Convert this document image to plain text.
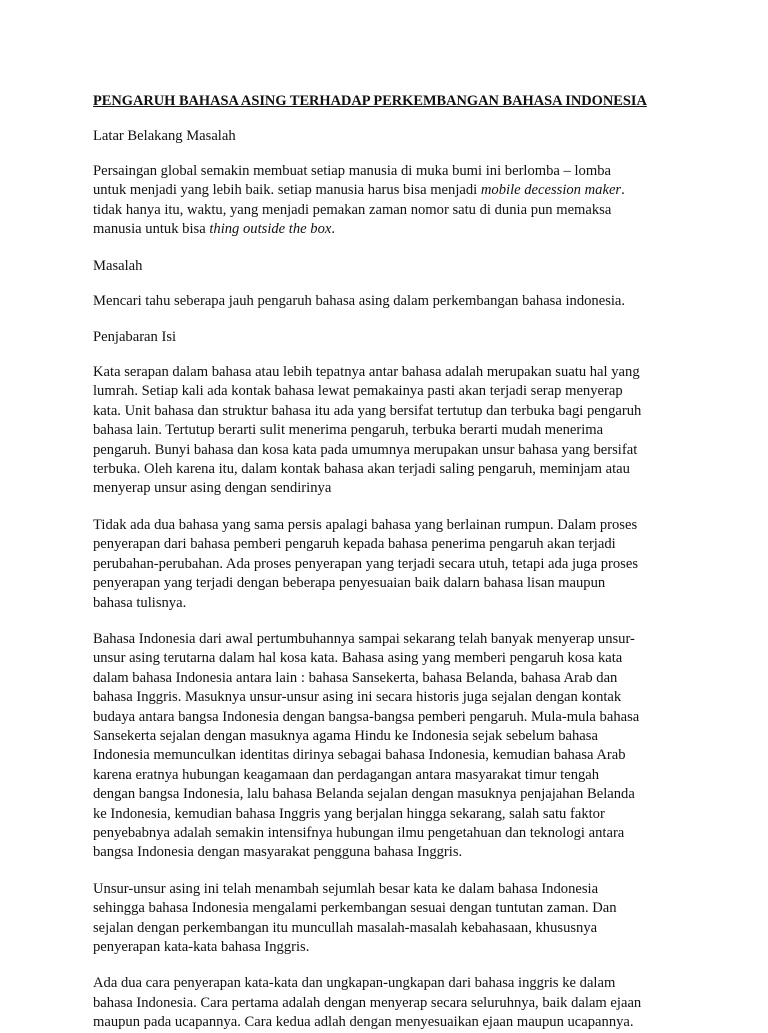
PENGARUH BAHASA ASING TERHADAP PERKEMBANGAN BAHASA INDONESIA
Latar Belakang Masalah
Persaingan global semakin membuat setiap manusia di muka bumi ini berlomba – lomba
untuk menjadi yang lebih baik. setiap manusia harus bisa menjadi mobile decession maker.
tidak hanya itu, waktu, yang menjadi pemakan zaman nomor satu di dunia pun memaksa
manusia untuk bisa thing outside the box.
Masalah
Mencari tahu seberapa jauh pengaruh bahasa asing dalam perkembangan bahasa indonesia.
Penjabaran Isi
Kata serapan dalam bahasa atau lebih tepatnya antar bahasa adalah merupakan suatu hal yang
lumrah. Setiap kali ada kontak bahasa lewat pemakainya pasti akan terjadi serap menyerap
kata. Unit bahasa dan struktur bahasa itu ada yang bersifat tertutup dan terbuka bagi pengaruh
bahasa lain. Tertutup berarti sulit menerima pengaruh, terbuka berarti mudah menerima
pengaruh. Bunyi bahasa dan kosa kata pada umumnya merupakan unsur bahasa yang bersifat
terbuka. Oleh karena itu, dalam kontak bahasa akan terjadi saling pengaruh, meminjam atau
menyerap unsur asing dengan sendirinya
Tidak ada dua bahasa yang sama persis apalagi bahasa yang berlainan rumpun. Dalam proses
penyerapan dari bahasa pemberi pengaruh kepada bahasa penerima pengaruh akan terjadi
perubahan-perubahan. Ada proses penyerapan yang terjadi secara utuh, tetapi ada juga proses
penyerapan yang terjadi dengan beberapa penyesuaian baik dalarn bahasa lisan maupun
bahasa tulisnya.
Bahasa Indonesia dari awal pertumbuhannya sampai sekarang telah banyak menyerap unsur-
unsur asing terutarna dalam hal kosa kata. Bahasa asing yang memberi pengaruh kosa kata
dalam bahasa Indonesia antara lain : bahasa Sansekerta, bahasa Belanda, bahasa Arab dan
bahasa Inggris. Masuknya unsur-unsur asing ini secara historis juga sejalan dengan kontak
budaya antara bangsa Indonesia dengan bangsa-bangsa pemberi pengaruh. Mula-mula bahasa
Sansekerta sejalan dengan masuknya agama Hindu ke Indonesia sejak sebelum bahasa
Indonesia memunculkan identitas dirinya sebagai bahasa Indonesia, kemudian bahasa Arab
karena eratnya hubungan keagamaan dan perdagangan antara masyarakat timur tengah
dengan bangsa Indonesia, lalu bahasa Belanda sejalan dengan masuknya penjajahan Belanda
ke Indonesia, kemudian bahasa Inggris yang berjalan hingga sekarang, salah satu faktor
penyebabnya adalah semakin intensifnya hubungan ilmu pengetahuan dan teknologi antara
bangsa Indonesia dengan masyarakat pengguna bahasa Inggris.
Unsur-unsur asing ini telah menambah sejumlah besar kata ke dalam bahasa Indonesia
sehingga bahasa Indonesia mengalami perkembangan sesuai dengan tuntutan zaman. Dan
sejalan dengan perkembangan itu muncullah masalah-masalah kebahasaan, khususnya
penyerapan kata-kata bahasa Inggris.
Ada dua cara penyerapan kata-kata dan ungkapan-ungkapan dari bahasa inggris ke dalam
bahasa Indonesia. Cara pertama adalah dengan menyerap secara seluruhnya, baik dalam ejaan
maupun pada ucapannya. Cara kedua adlah dengan menyesuaikan ejaan maupun ucapannya.
